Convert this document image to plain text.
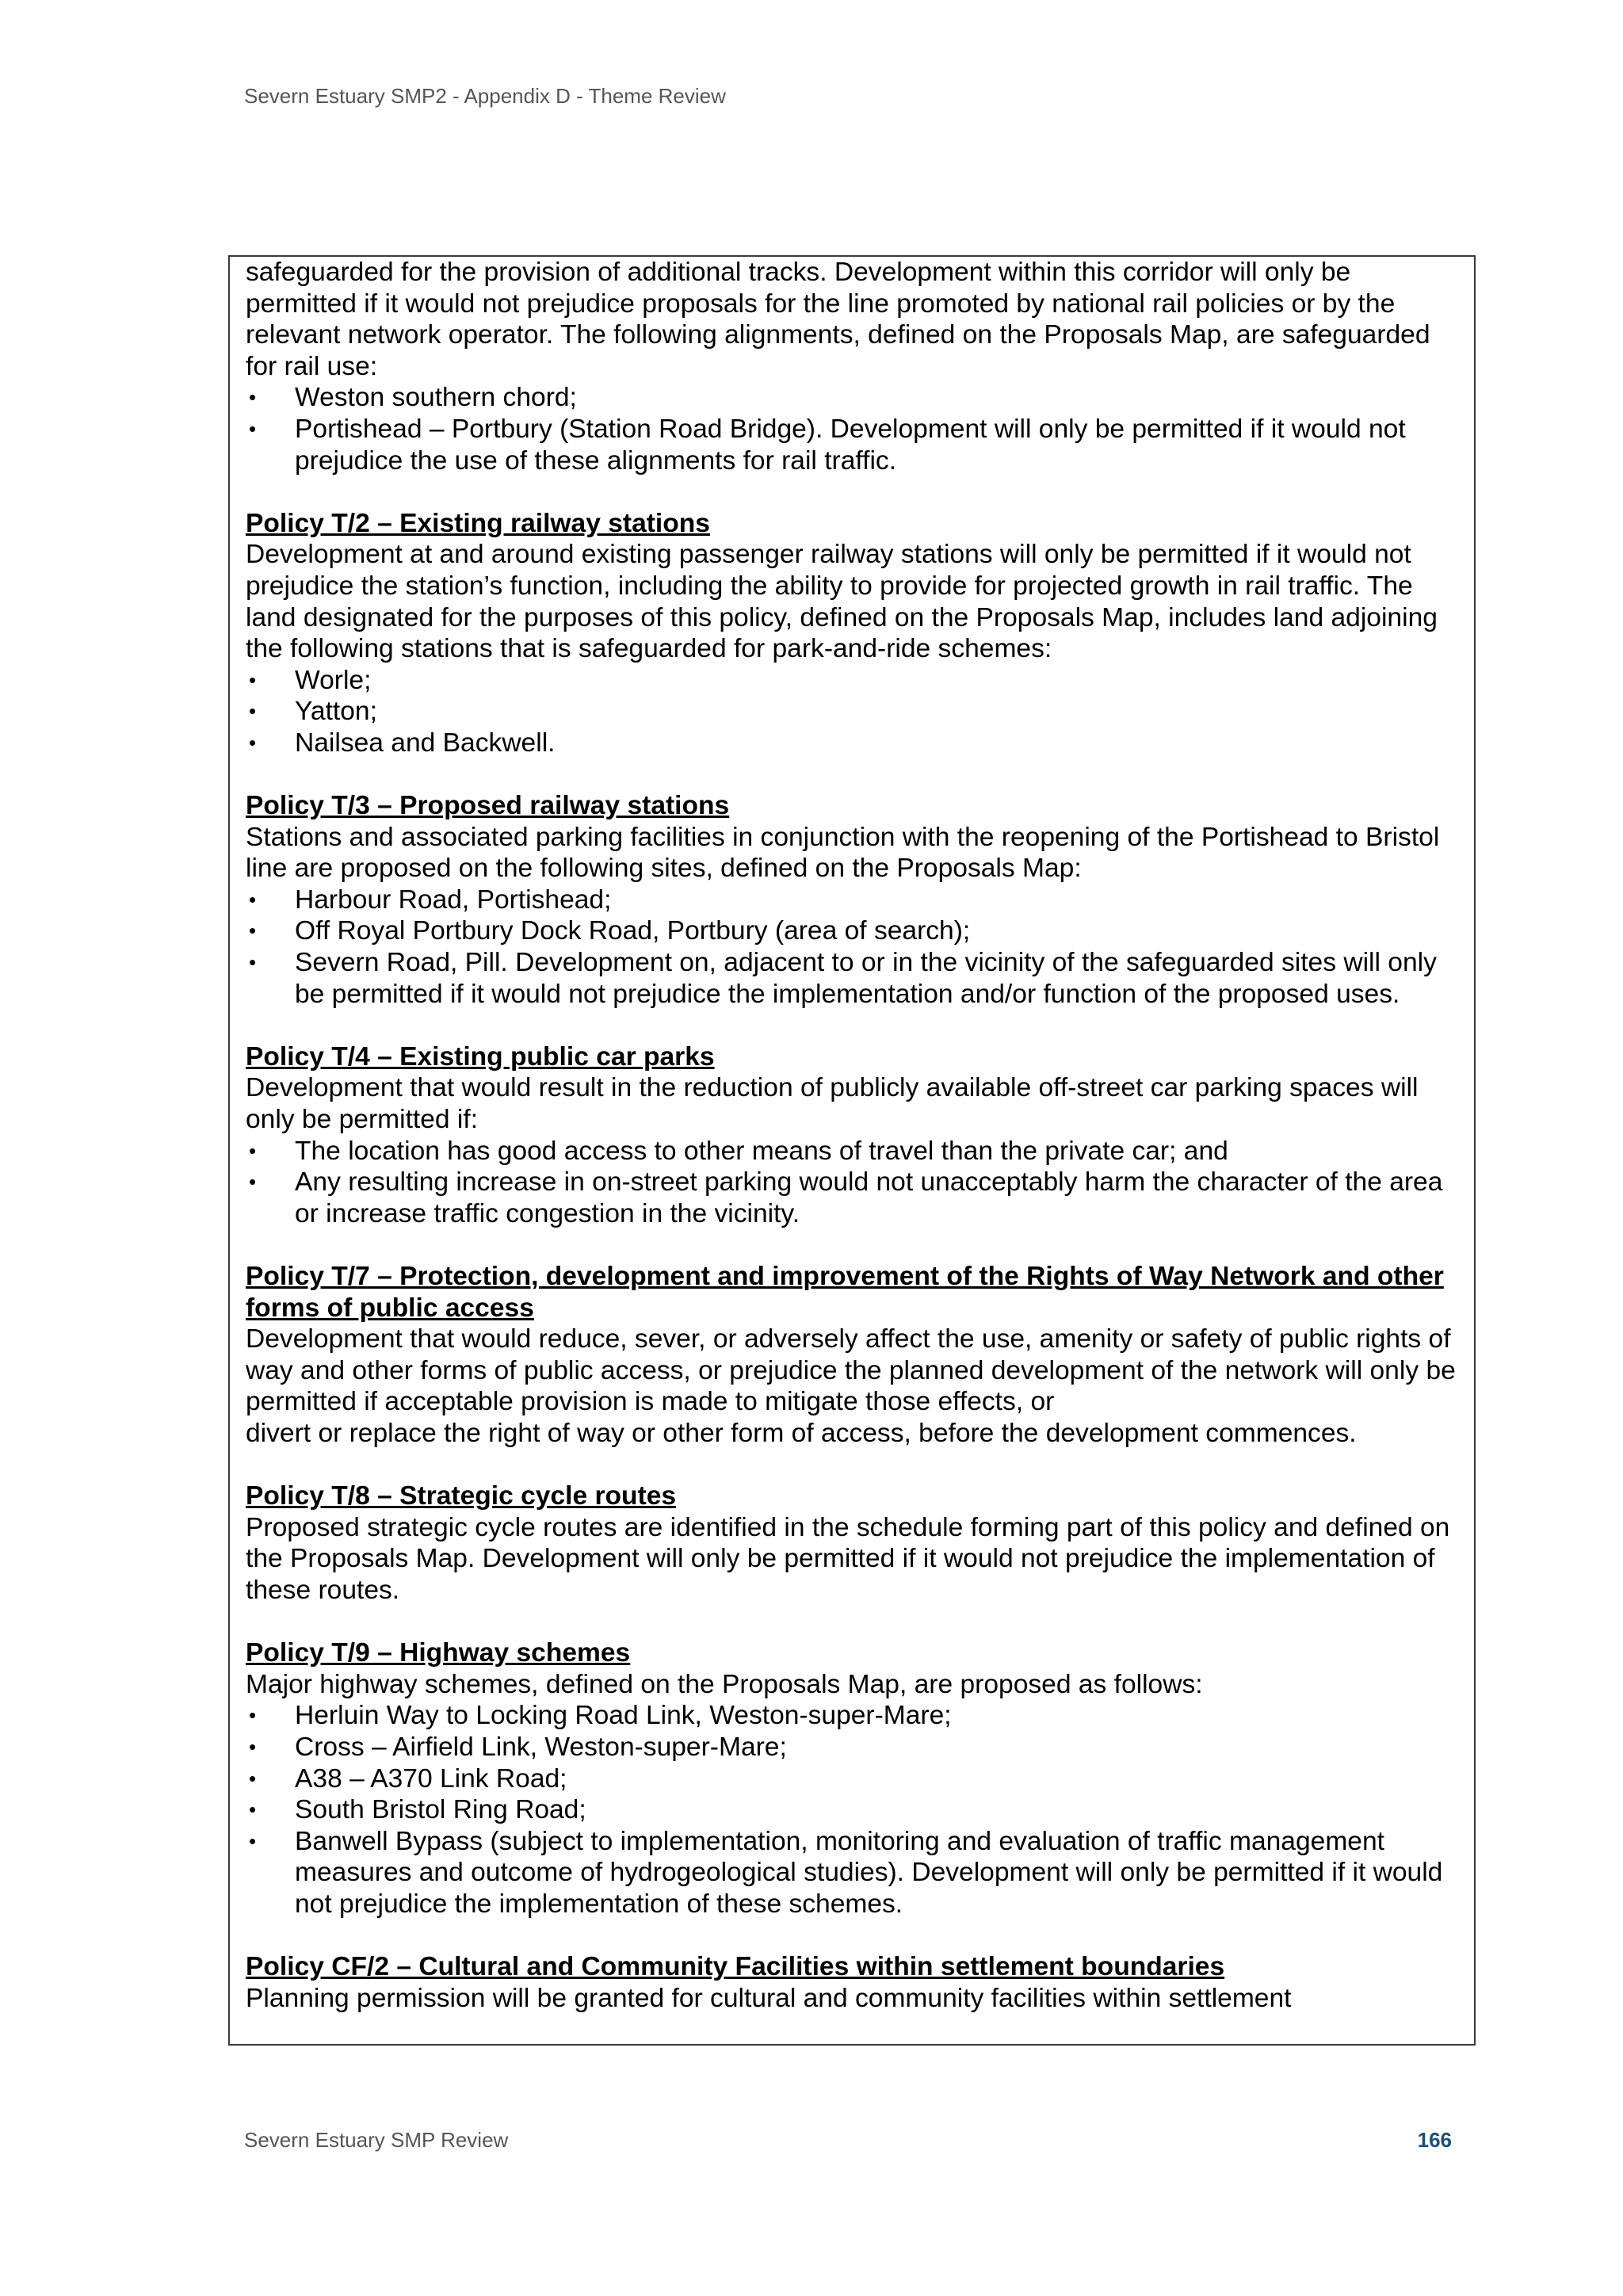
Severn Estuary SMP2 - Appendix D - Theme Review

safeguarded for the provision of additional tracks. Development within this corridor will only be permitted if it would not prejudice proposals for the line promoted by national rail policies or by the relevant network operator. The following alignments, defined on the Proposals Map, are safeguarded for rail use:

• Weston southern chord;
• Portishead – Portbury (Station Road Bridge). Development will only be permitted if it would not prejudice the use of these alignments for rail traffic.

Policy T/2 – Existing railway stations

Development at and around existing passenger railway stations will only be permitted if it would not prejudice the station’s function, including the ability to provide for projected growth in rail traffic. The land designated for the purposes of this policy, defined on the Proposals Map, includes land adjoining the following stations that is safeguarded for park-and-ride schemes:

• Worle;
• Yatton;
• Nailsea and Backwell.

Policy T/3 – Proposed railway stations

Stations and associated parking facilities in conjunction with the reopening of the Portishead to Bristol line are proposed on the following sites, defined on the Proposals Map:

• Harbour Road, Portishead;
• Off Royal Portbury Dock Road, Portbury (area of search);
• Severn Road, Pill. Development on, adjacent to or in the vicinity of the safeguarded sites will only be permitted if it would not prejudice the implementation and/or function of the proposed uses.

Policy T/4 – Existing public car parks

Development that would result in the reduction of publicly available off-street car parking spaces will only be permitted if:

• The location has good access to other means of travel than the private car; and
• Any resulting increase in on-street parking would not unacceptably harm the character of the area or increase traffic congestion in the vicinity.

Policy T/7 – Protection, development and improvement of the Rights of Way Network and other forms of public access

Development that would reduce, sever, or adversely affect the use, amenity or safety of public rights of way and other forms of public access, or prejudice the planned development of the network will only be permitted if acceptable provision is made to mitigate those effects, or

divert or replace the right of way or other form of access, before the development commences.

Policy T/8 – Strategic cycle routes

Proposed strategic cycle routes are identified in the schedule forming part of this policy and defined on the Proposals Map. Development will only be permitted if it would not prejudice the implementation of these routes.

Policy T/9 – Highway schemes

Major highway schemes, defined on the Proposals Map, are proposed as follows:

• Herluin Way to Locking Road Link, Weston-super-Mare;
• Cross – Airfield Link, Weston-super-Mare;
• A38 – A370 Link Road;
• South Bristol Ring Road;
• Banwell Bypass (subject to implementation, monitoring and evaluation of traffic management measures and outcome of hydrogeological studies). Development will only be permitted if it would not prejudice the implementation of these schemes.

Policy CF/2 – Cultural and Community Facilities within settlement boundaries

Planning permission will be granted for cultural and community facilities within settlement

Severn Estuary SMP Review	166
